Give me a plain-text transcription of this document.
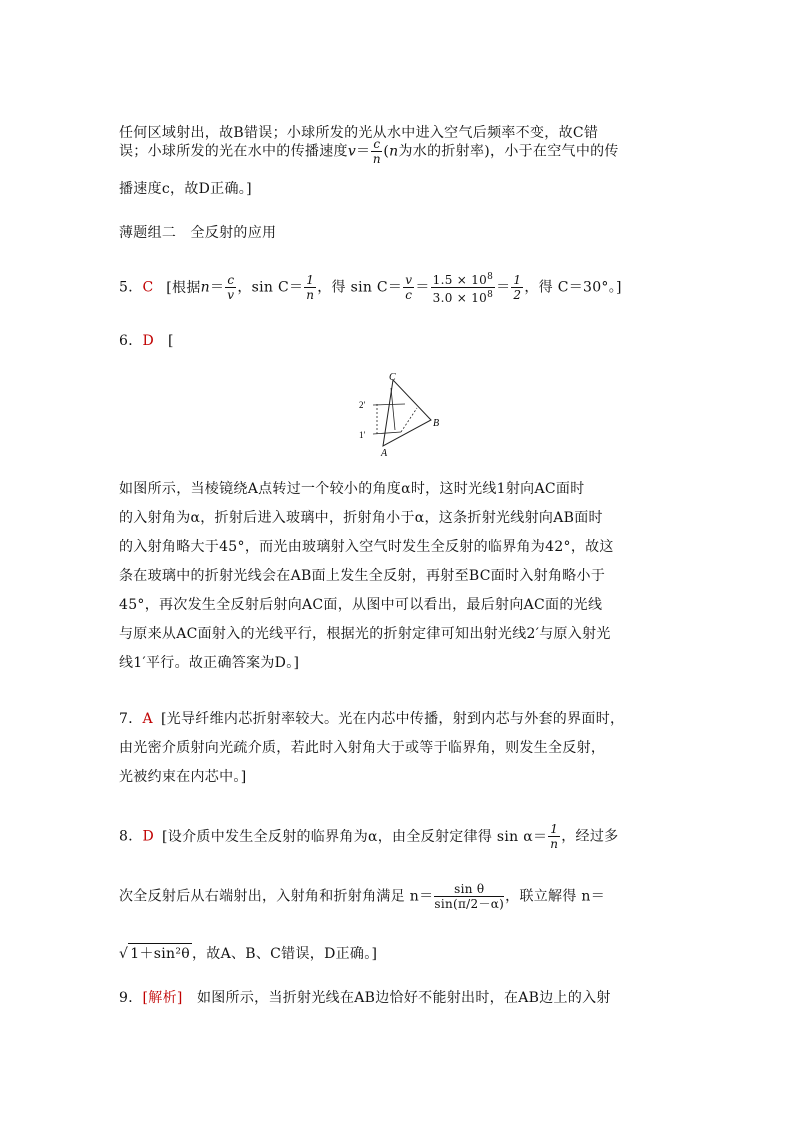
任何区域射出，故B错误；小球所发的光从水中进入空气后频率不变，故C错
误；小球所发的光在水中的传播速度$v= \frac{c}{n} (n$为水的折射率)，小于在空气中的传
播速度c，故D正确。]
薄题组二　全反射的应用
5．C [根据$n= \frac{c}{v}$ ，$\sin C= \frac{1}{n}$ ，得 $\sin C= \frac{v}{c} = \frac{1.5 \times 10^8}{3.0 \times 10^8} = \frac{1}{2}$ ，得 C＝30°。]
6．D [
C
B
A
2′
1′
如图所示，当棱镜绕A点转过一个较小的角度α时，这时光线1射向AC面时
的入射角为α，折射后进入玻璃中，折射角小于α，这条折射光线射向AB面时
的入射角略大于45°，而光由玻璃射入空气时发生全反射的临界角为42°，故这
条在玻璃中的折射光线会在AB面上发生全反射，再射至BC面时入射角略小于
45°，再次发生全反射后射向AC面，从图中可以看出，最后射向AC面的光线
与原来从AC面射入的光线平行，根据光的折射定律可知出射光线2′与原入射光
线1′平行。故正确答案为D。]
7．A [光导纤维内芯折射率较大。光在内芯中传播，射到内芯与外套的界面时，
由光密介质射向光疏介质，若此时入射角大于或等于临界角，则发生全反射，
光被约束在内芯中。]
8．D [设介质中发生全反射的临界角为α，由全反射定律得 $\sin \alpha= \frac{1}{n}$ ，经过多
次全反射后从右端射出，入射角和折射角满足 $n= \frac{\text{sin θ}}{\sin(\pi/2-\alpha)}$ ，联立解得 n＝
√ 1＋sin²θ ，故A、B、C错误，D正确。]
9．[解析]　如图所示，当折射光线在AB边恰好不能射出时，在AB边上的入射
